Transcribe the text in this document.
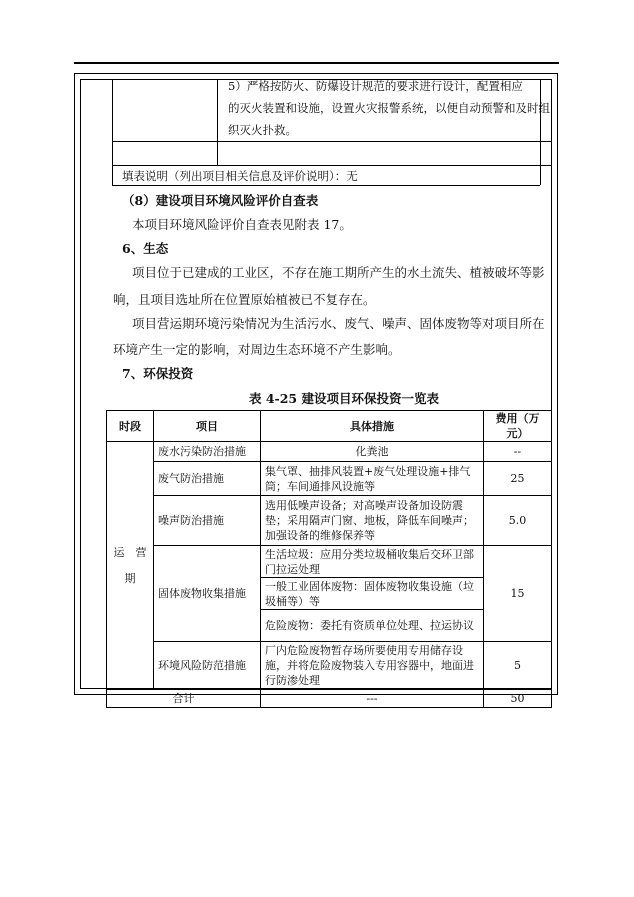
5）严格按防火、防爆设计规范的要求进行设计，配置相应
的灭火装置和设施，设置火灾报警系统，以便自动预警和及时组
织灭火扑救。
填表说明（列出项目相关信息及评价说明）：无
（8）建设项目环境风险评价自查表
本项目环境风险评价自查表见附表 17。
6、生态
项目位于已建成的工业区，不存在施工期所产生的水土流失、植被破坏等影
响，且项目选址所在位置原始植被已不复存在。
项目营运期环境污染情况为生活污水、废气、噪声、固体废物等对项目所在
环境产生一定的影响，对周边生态环境不产生影响。
7、环保投资
表 4-25 建设项目环保投资一览表
时段	项目	具体措施	费用（万元）
运　营
期	废水污染防治措施	化粪池	--
	废气防治措施	集气罩、抽排风装置+废气处理设施+排气筒；车间通排风设施等	25
	噪声防治措施	选用低噪声设备；对高噪声设备加设防震垫；采用隔声门窗、地板，降低车间噪声；加强设备的维修保养等	5.0
	固体废物收集措施	生活垃圾：应用分类垃圾桶收集后交环卫部门拉运处理	15
		一般工业固体废物：固体废物收集设施（垃圾桶等）等	
		危险废物：委托有资质单位处理、拉运协议	
	环境风险防范措施	厂内危险废物暂存场所要使用专用储存设施，并将危险废物装入专用容器中，地面进行防渗处理	5
合计		---	50
